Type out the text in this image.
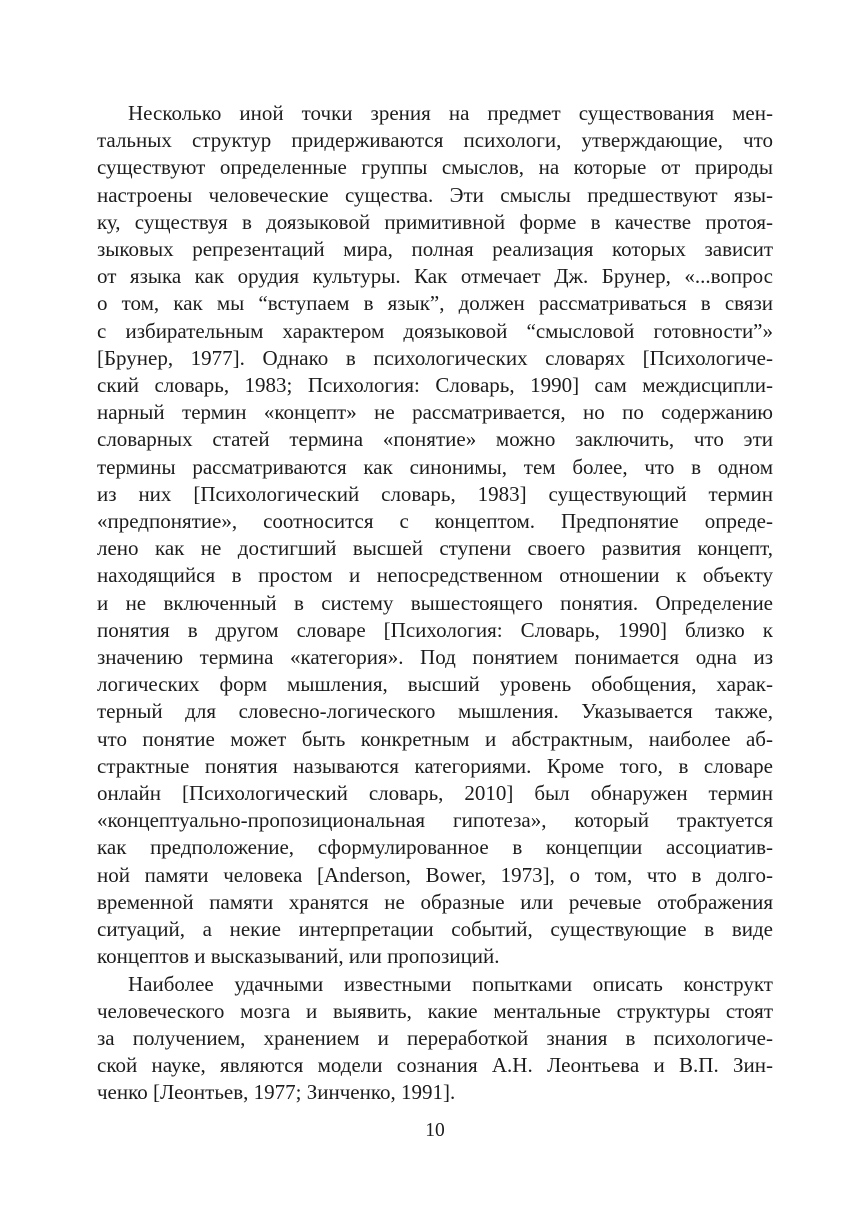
Несколько иной точки зрения на предмет существования мен-
тальных структур придерживаются психологи, утверждающие, что
существуют определенные группы смыслов, на которые от природы
настроены человеческие существа. Эти смыслы предшествуют язы-
ку, существуя в доязыковой примитивной форме в качестве протоя-
зыковых репрезентаций мира, полная реализация которых зависит
от языка как орудия культуры. Как отмечает Дж. Брунер, «...вопрос
о том, как мы “вступаем в язык”, должен рассматриваться в связи
с избирательным характером доязыковой “смысловой готовности”»
[Брунер, 1977]. Однако в психологических словарях [Психологиче-
ский словарь, 1983; Психология: Словарь, 1990] сам междисципли-
нарный термин «концепт» не рассматривается, но по содержанию
словарных статей термина «понятие» можно заключить, что эти
термины рассматриваются как синонимы, тем более, что в одном
из них [Психологический словарь, 1983] существующий термин
«предпонятие», соотносится с концептом. Предпонятие опреде-
лено как не достигший высшей ступени своего развития концепт,
находящийся в простом и непосредственном отношении к объекту
и не включенный в систему вышестоящего понятия. Определение
понятия в другом словаре [Психология: Словарь, 1990] близко к
значению термина «категория». Под понятием понимается одна из
логических форм мышления, высший уровень обобщения, харак-
терный для словесно-логического мышления. Указывается также,
что понятие может быть конкретным и абстрактным, наиболее аб-
страктные понятия называются категориями. Кроме того, в словаре
онлайн [Психологический словарь, 2010] был обнаружен термин
«концептуально-пропозициональная гипотеза», который трактуется
как предположение, сформулированное в концепции ассоциатив-
ной памяти человека [Anderson, Bower, 1973], о том, что в долго-
временной памяти хранятся не образные или речевые отображения
ситуаций, а некие интерпретации событий, существующие в виде
концептов и высказываний, или пропозиций.
Наиболее удачными известными попытками описать конструкт
человеческого мозга и выявить, какие ментальные структуры стоят
за получением, хранением и переработкой знания в психологиче-
ской науке, являются модели сознания А.Н. Леонтьева и В.П. Зин-
ченко [Леонтьев, 1977; Зинченко, 1991].
10
